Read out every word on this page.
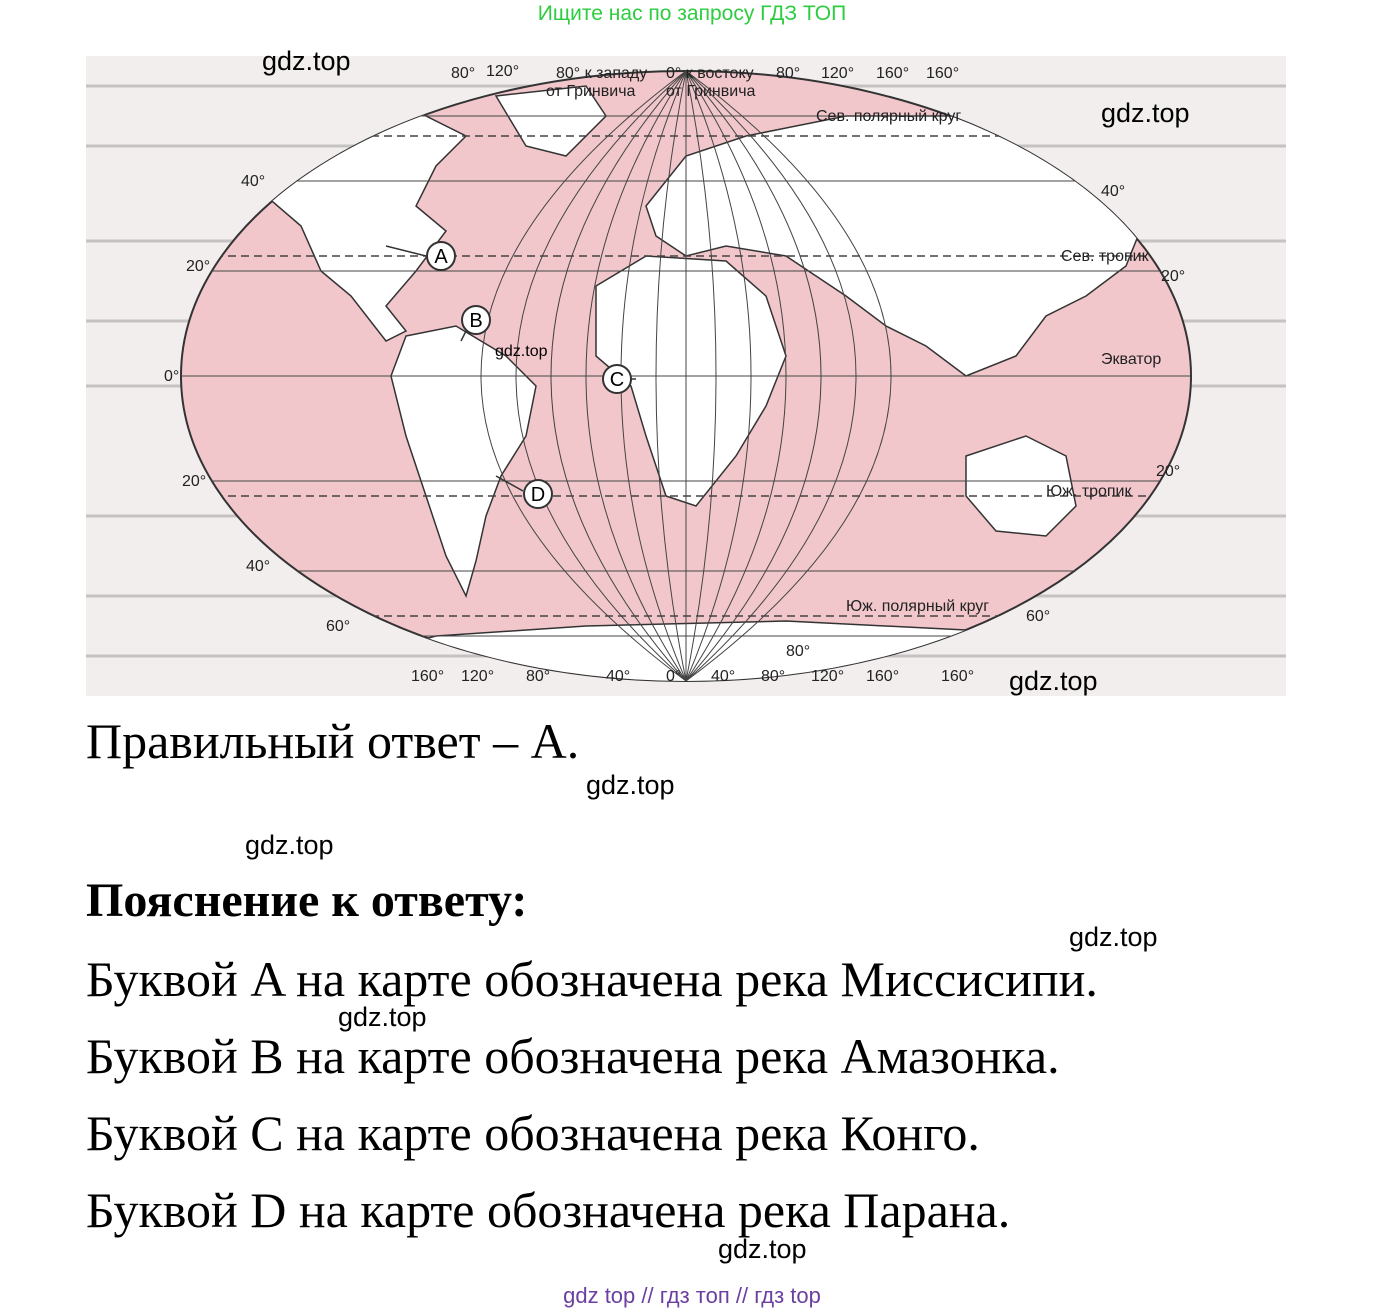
Ищите нас по запросу ГДЗ ТОП
Сев. полярный круг
Сев. тропик
Экватор
Юж. тропик
Юж. полярный круг
80° к западу 0° к востоку
от Гринвича от Гринвича
0°
20°
20°
20°
20°
40°
40°
40°
60°
60°
80°
80° 120°	80° 120° 160° 160°
160° 120° 80°	40° 0° 40° 80° 120° 160°	160°
A
B
C
D
gdz.top
gdz.top
gdz.top
gdz.top
gdz.top
gdz.top
gdz.top
gdz.top
gdz.top
Правильный ответ – А.
Пояснение к ответу:
Буквой A на карте обозначена река Миссисипи.
Буквой B на карте обозначена река Амазонка.
Буквой C на карте обозначена река Конго.
Буквой D на карте обозначена река Парана.
gdz top // гдз топ // гдз top
